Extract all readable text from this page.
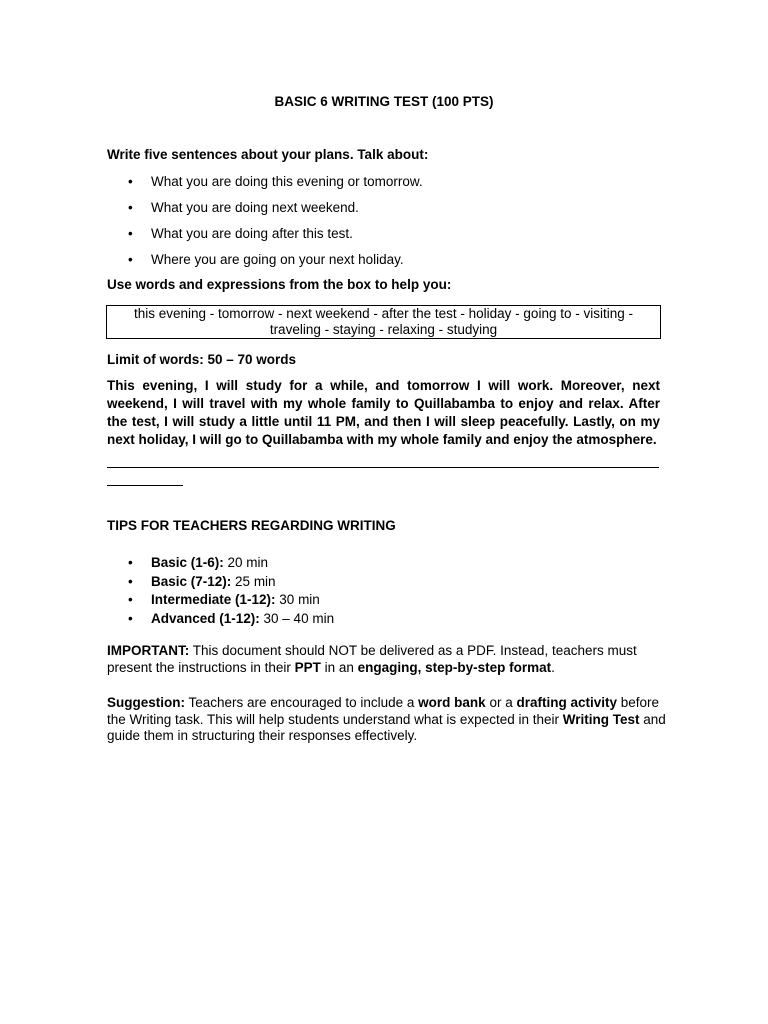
BASIC 6 WRITING TEST (100 PTS)

Write five sentences about your plans. Talk about:

• What you are doing this evening or tomorrow.
• What you are doing next weekend.
• What you are doing after this test.
• Where you are going on your next holiday.

Use words and expressions from the box to help you:

this evening - tomorrow - next weekend - after the test - holiday - going to - visiting -
traveling - staying - relaxing - studying

Limit of words: 50 – 70 words

This evening, I will study for a while, and tomorrow I will work. Moreover, next weekend, I will travel with my whole family to Quillabamba to enjoy and relax. After the test, I will study a little until 11 PM, and then I will sleep peacefully. Lastly, on my next holiday, I will go to Quillabamba with my whole family and enjoy the atmosphere.

TIPS FOR TEACHERS REGARDING WRITING

• Basic (1-6): 20 min
• Basic (7-12): 25 min
• Intermediate (1-12): 30 min
• Advanced (1-12): 30 – 40 min

IMPORTANT: This document should NOT be delivered as a PDF. Instead, teachers must present the instructions in their PPT in an engaging, step-by-step format.

Suggestion: Teachers are encouraged to include a word bank or a drafting activity before the Writing task. This will help students understand what is expected in their Writing Test and guide them in structuring their responses effectively.
